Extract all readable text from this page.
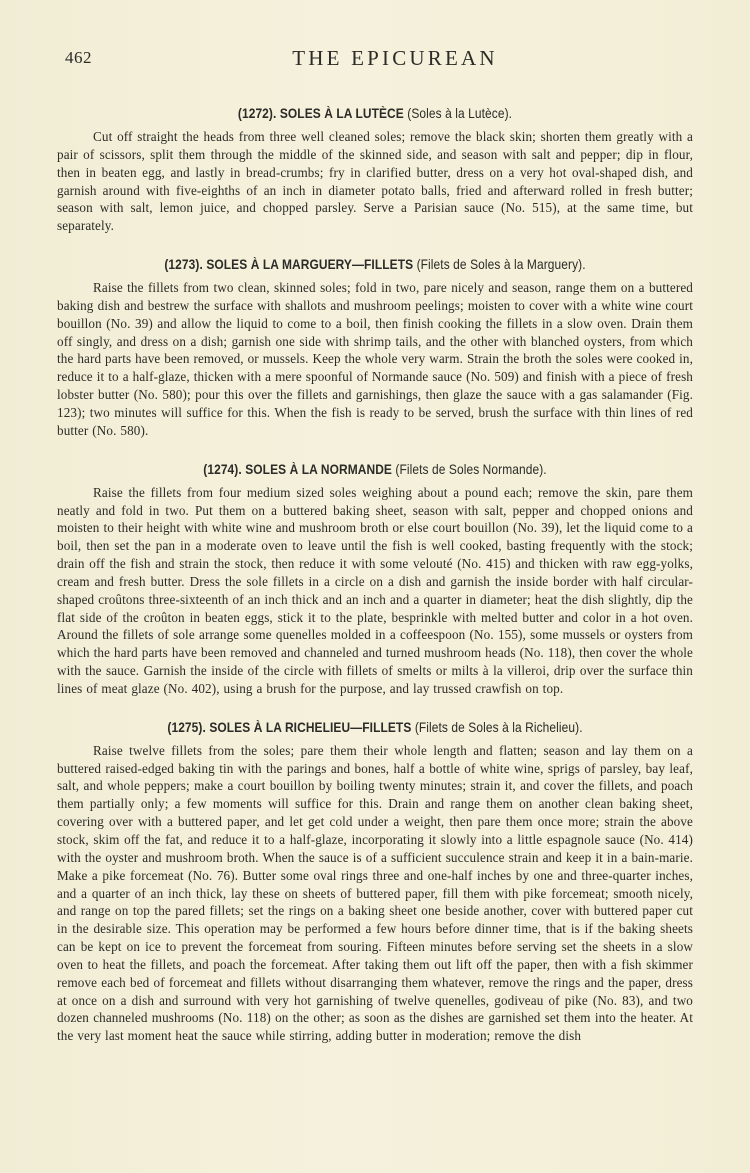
462	THE EPICUREAN
(1272). SOLES À LA LUTÈCE (Soles à la Lutèce).

Cut off straight the heads from three well cleaned soles; remove the black skin; shorten them greatly with a pair of scissors, split them through the middle of the skinned side, and season with salt and pepper; dip in flour, then in beaten egg, and lastly in bread-crumbs; fry in clarified butter, dress on a very hot oval-shaped dish, and garnish around with five-eighths of an inch in diameter potato balls, fried and afterward rolled in fresh butter; season with salt, lemon juice, and chopped parsley. Serve a Parisian sauce (No. 515), at the same time, but separately.

(1273). SOLES À LA MARGUERY—FILLETS (Filets de Soles à la Marguery).

Raise the fillets from two clean, skinned soles; fold in two, pare nicely and season, range them on a buttered baking dish and bestrew the surface with shallots and mushroom peelings; moisten to cover with a white wine court bouillon (No. 39) and allow the liquid to come to a boil, then finish cooking the fillets in a slow oven. Drain them off singly, and dress on a dish; garnish one side with shrimp tails, and the other with blanched oysters, from which the hard parts have been removed, or mussels. Keep the whole very warm. Strain the broth the soles were cooked in, reduce it to a half-glaze, thicken with a mere spoonful of Normande sauce (No. 509) and finish with a piece of fresh lobster butter (No. 580); pour this over the fillets and garnishings, then glaze the sauce with a gas salamander (Fig. 123); two minutes will suffice for this. When the fish is ready to be served, brush the surface with thin lines of red butter (No. 580).

(1274). SOLES À LA NORMANDE (Filets de Soles Normande).

Raise the fillets from four medium sized soles weighing about a pound each; remove the skin, pare them neatly and fold in two. Put them on a buttered baking sheet, season with salt, pepper and chopped onions and moisten to their height with white wine and mushroom broth or else court bouillon (No. 39), let the liquid come to a boil, then set the pan in a moderate oven to leave until the fish is well cooked, basting frequently with the stock; drain off the fish and strain the stock, then reduce it with some velouté (No. 415) and thicken with raw egg-yolks, cream and fresh butter. Dress the sole fillets in a circle on a dish and garnish the inside border with half circular-shaped croûtons three-sixteenth of an inch thick and an inch and a quarter in diameter; heat the dish slightly, dip the flat side of the croûton in beaten eggs, stick it to the plate, besprinkle with melted butter and color in a hot oven. Around the fillets of sole arrange some quenelles molded in a coffeespoon (No. 155), some mussels or oysters from which the hard parts have been removed and channeled and turned mushroom heads (No. 118), then cover the whole with the sauce. Garnish the inside of the circle with fillets of smelts or milts à la villeroi, drip over the surface thin lines of meat glaze (No. 402), using a brush for the purpose, and lay trussed crawfish on top.

(1275). SOLES À LA RICHELIEU—FILLETS (Filets de Soles à la Richelieu).

Raise twelve fillets from the soles; pare them their whole length and flatten; season and lay them on a buttered raised-edged baking tin with the parings and bones, half a bottle of white wine, sprigs of parsley, bay leaf, salt, and whole peppers; make a court bouillon by boiling twenty minutes; strain it, and cover the fillets, and poach them partially only; a few moments will suffice for this. Drain and range them on another clean baking sheet, covering over with a buttered paper, and let get cold under a weight, then pare them once more; strain the above stock, skim off the fat, and reduce it to a half-glaze, incorporating it slowly into a little espagnole sauce (No. 414) with the oyster and mushroom broth. When the sauce is of a sufficient succulence strain and keep it in a bain-marie. Make a pike forcemeat (No. 76). Butter some oval rings three and one-half inches by one and three-quarter inches, and a quarter of an inch thick, lay these on sheets of buttered paper, fill them with pike forcemeat; smooth nicely, and range on top the pared fillets; set the rings on a baking sheet one beside another, cover with buttered paper cut in the desirable size. This operation may be performed a few hours before dinner time, that is if the baking sheets can be kept on ice to prevent the forcemeat from souring. Fifteen minutes before serving set the sheets in a slow oven to heat the fillets, and poach the forcemeat. After taking them out lift off the paper, then with a fish skimmer remove each bed of forcemeat and fillets without disarranging them whatever, remove the rings and the paper, dress at once on a dish and surround with very hot garnishing of twelve quenelles, godiveau of pike (No. 83), and two dozen channeled mushrooms (No. 118) on the other; as soon as the dishes are garnished set them into the heater. At the very last moment heat the sauce while stirring, adding butter in moderation; remove the dish
